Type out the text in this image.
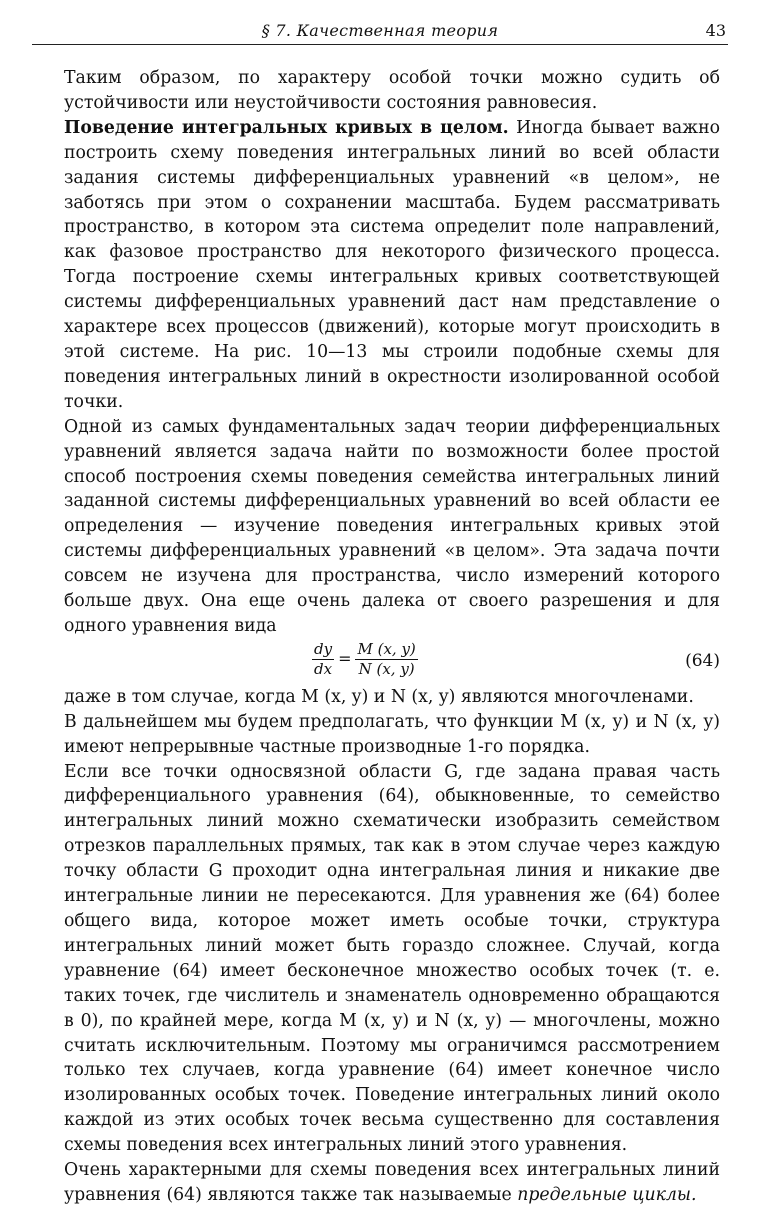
§ 7. Качественная теория	43

Таким образом, по характеру особой точки можно судить об устойчивости или неустойчивости состояния равновесия.

Поведение интегральных кривых в целом. Иногда бывает важно построить схему поведения интегральных линий во всей области задания системы дифференциальных уравнений «в целом», не заботясь при этом о сохранении масштаба. Будем рассматривать пространство, в котором эта система определит поле направлений, как фазовое пространство для некоторого физического процесса. Тогда построение схемы интегральных кривых соответствующей системы дифференциальных уравнений даст нам представление о характере всех процессов (движений), которые могут происходить в этой системе. На рис. 10—13 мы строили подобные схемы для поведения интегральных линий в окрестности изолированной особой точки.

Одной из самых фундаментальных задач теории дифференциальных уравнений является задача найти по возможности более простой способ построения схемы поведения семейства интегральных линий заданной системы дифференциальных уравнений во всей области ее определения — изучение поведения интегральных кривых этой системы дифференциальных уравнений «в целом». Эта задача почти совсем не изучена для пространства, число измерений которого больше двух. Она еще очень далека от своего разрешения и для одного уравнения вида

$\frac{dy}{dx} = \frac{M (x, y)}{N (x, y)}$	(64)

даже в том случае, когда M (x, y) и N (x, y) являются многочленами.

В дальнейшем мы будем предполагать, что функции M (x, y) и N (x, y) имеют непрерывные частные производные 1-го порядка.

Если все точки односвязной области G, где задана правая часть дифференциального уравнения (64), обыкновенные, то семейство интегральных линий можно схематически изобразить семейством отрезков параллельных прямых, так как в этом случае через каждую точку области G проходит одна интегральная линия и никакие две интегральные линии не пересекаются. Для уравнения же (64) более общего вида, которое может иметь особые точки, структура интегральных линий может быть гораздо сложнее. Случай, когда уравнение (64) имеет бесконечное множество особых точек (т. е. таких точек, где числитель и знаменатель одновременно обращаются в 0), по крайней мере, когда M (x, y) и N (x, y) — многочлены, можно считать исключительным. Поэтому мы ограничимся рассмотрением только тех случаев, когда уравнение (64) имеет конечное число изолированных особых точек. Поведение интегральных линий около каждой из этих особых точек весьма существенно для составления схемы поведения всех интегральных линий этого уравнения.

Очень характерными для схемы поведения всех интегральных линий уравнения (64) являются также так называемые предельные циклы.
